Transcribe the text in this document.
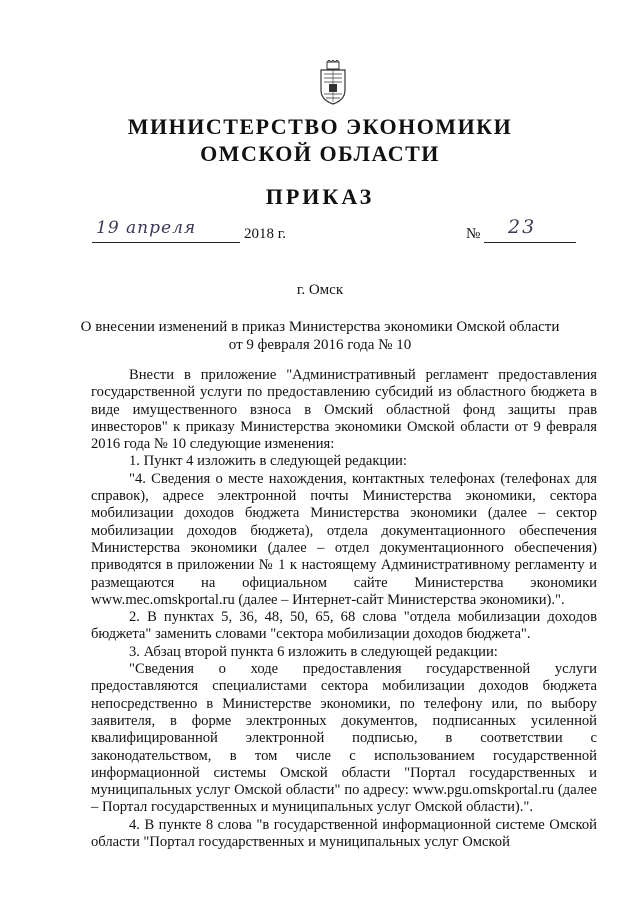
МИНИСТЕРСТВО ЭКОНОМИКИ
ОМСКОЙ ОБЛАСТИ
ПРИКАЗ
19 апреля	2018 г.	№ 23
г. Омск
О внесении изменений в приказ Министерства экономики Омской области
от 9 февраля 2016 года № 10

Внести в приложение "Административный регламент предоставления государственной услуги по предоставлению субсидий из областного бюджета в виде имущественного взноса в Омский областной фонд защиты прав инвесторов" к приказу Министерства экономики Омской области от 9 февраля 2016 года № 10 следующие изменения:

1. Пункт 4 изложить в следующей редакции:

"4. Сведения о месте нахождения, контактных телефонах (телефонах для справок), адресе электронной почты Министерства экономики, сектора мобилизации доходов бюджета Министерства экономики (далее – сектор мобилизации доходов бюджета), отдела документационного обеспечения Министерства экономики (далее – отдел документационного обеспечения) приводятся в приложении № 1 к настоящему Административному регламенту и размещаются на официальном сайте Министерства экономики www.mec.omskportal.ru (далее – Интернет-сайт Министерства экономики).".

2. В пунктах 5, 36, 48, 50, 65, 68 слова "отдела мобилизации доходов бюджета" заменить словами "сектора мобилизации доходов бюджета".

3. Абзац второй пункта 6 изложить в следующей редакции:

"Сведения о ходе предоставления государственной услуги предоставляются специалистами сектора мобилизации доходов бюджета непосредственно в Министерстве экономики, по телефону или, по выбору заявителя, в форме электронных документов, подписанных усиленной квалифицированной электронной подписью, в соответствии с законодательством, в том числе с использованием государственной информационной системы Омской области "Портал государственных и муниципальных услуг Омской области" по адресу: www.pgu.omskportal.ru (далее – Портал государственных и муниципальных услуг Омской области).".

4. В пункте 8 слова "в государственной информационной системе Омской области "Портал государственных и муниципальных услуг Омской
